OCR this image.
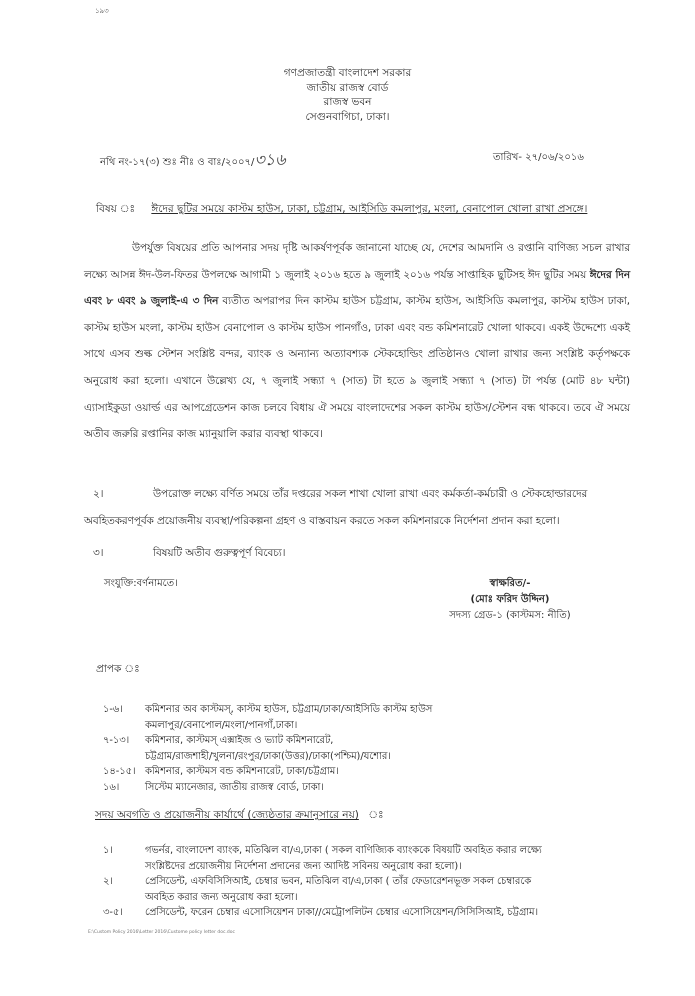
১৯৩
গণপ্রজাতন্ত্রী বাংলাদেশ সরকার
জাতীয় রাজস্ব বোর্ড
রাজস্ব ভবন
সেগুনবাগিচা, ঢাকা।
নথি নং-১৭(৩) শুঃ নীঃ ও বাঃ/২০০৭/৩১৬	তারিখ- ২৭/০৬/২০১৬
বিষয় ঃ ঈদের ছুটির সময়ে কাস্টম হাউস, ঢাকা, চট্টগ্রাম, আইসিডি কমলাপুর, মংলা, বেনাপোল খোলা রাখা প্রসঙ্গে।
উপর্যুক্ত বিষয়ের প্রতি আপনার সদয় দৃষ্টি আকর্ষণপূর্বক জানানো যাচ্ছে যে, দেশের আমদানি ও রপ্তানি বাণিজ্য সচল রাখার লক্ষ্যে আসন্ন ঈদ-উল-ফিতর উপলক্ষে আগামী ১ জুলাই ২০১৬ হতে ৯ জুলাই ২০১৬ পর্যন্ত সাপ্তাহিক ছুটিসহ ঈদ ছুটির সময় ঈদের দিন এবং ৮ এবং ৯ জুলাই-এ ৩ দিন ব্যতীত অপরাপর দিন কাস্টম হাউস চট্টগ্রাম, কাস্টম হাউস, আইসিডি কমলাপুর, কাস্টম হাউস ঢাকা, কাস্টম হাউস মংলা, কাস্টম হাউস বেনাপোল ও কাস্টম হাউস পানগাঁও, ঢাকা এবং বন্ড কমিশনারেট খোলা থাকবে। একই উদ্দেশ্যে একই সাথে এসব শুল্ক স্টেশন সংশ্লিষ্ট বন্দর, ব্যাংক ও অন্যান্য অত্যাবশ্যক স্টেকহোল্ডিং প্রতিষ্ঠানও খোলা রাখার জন্য সংশ্লিষ্ট কর্তৃপক্ষকে অনুরোধ করা হলো। এখানে উল্লেখ্য যে, ৭ জুলাই সন্ধ্যা ৭ (সাত) টা হতে ৯ জুলাই সন্ধ্যা ৭ (সাত) টা পর্যন্ত (মোট ৪৮ ঘন্টা) এ্যাসাইকুডা ওয়ার্ল্ড এর আপগ্রেডেশন কাজ চলবে বিধায় ঐ সময়ে বাংলাদেশের সকল কাস্টম হাউস/স্টেশন বন্ধ থাকবে। তবে ঐ সময়ে অতীব জরুরি রপ্তানির কাজ ম্যানুয়ালি করার ব্যবস্থা থাকবে।
২।	উপরোক্ত লক্ষ্যে বর্ণিত সময়ে তাঁর দপ্তরের সকল শাখা খোলা রাখা এবং কর্মকর্তা-কর্মচারী ও স্টেকহোল্ডারদের
অবহিতকরণপূর্বক প্রয়োজনীয় ব্যবস্থা/পরিকল্পনা গ্রহণ ও বাস্তবায়ন করতে সকল কমিশনারকে নির্দেশনা প্রদান করা হলো।
৩।	বিষয়টি অতীব গুরুত্বপূর্ণ বিবেচ্য।
সংযুক্তি:বর্ণনামতে।	স্বাক্ষরিত/-
(মোঃ ফরিদ উদ্দিন)
সদস্য গ্রেড-১ (কাস্টমস: নীতি)
প্রাপক ঃ
১-৬।	কমিশনার অব কাস্টমস্, কাস্টম হাউস, চট্টগ্রাম/ঢাকা/আইসিডি কাস্টম হাউস
কমলাপুর/বেনাপোল/মংলা/পানগাঁ,ঢাকা।
৭-১৩।	কমিশনার, কাস্টমস্ এক্সাইজ ও ভ্যাট কমিশনারেট,
চট্টগ্রাম/রাজশাহী/খুলনা/রংপুর/ঢাকা(উত্তর)/ঢাকা(পশ্চিম)/যশোর।
১৪-১৫। কমিশনার, কাস্টমস বন্ড কমিশনারেট, ঢাকা/চট্টগ্রাম।
১৬।	সিস্টেম ম্যানেজার, জাতীয় রাজস্ব বোর্ড, ঢাকা।
সদয় অবগতি ও প্রয়োজনীয় কার্যার্থে (জ্যেষ্ঠতার ক্রমানুসারে নয়) ঃ
১।	গভর্নর, বাংলাদেশ ব্যাংক, মতিঝিল বা/এ,ঢাকা ( সকল বাণিজ্যিক ব্যাংককে বিষয়টি অবহিত করার লক্ষ্যে
সংশ্লিষ্টদের প্রয়োজনীয় নির্দেশনা প্রদানের জন্য আদিষ্ট সবিনয় অনুরোধ করা হলো)।
২।	প্রেসিডেন্ট, এফবিসিসিআই, চেম্বার ভবন, মতিঝিল বা/এ,ঢাকা ( তাঁর ফেডারেশনভূক্ত সকল চেম্বারকে
অবহিত করার জন্য অনুরোধ করা হলো।
৩-৫।	প্রেসিডেন্ট, ফরেন চেম্বার এসোসিয়েশন ঢাকা//মেট্রোপলিটন চেম্বার এসোসিয়েশন/সিসিসিআই, চট্টগ্রাম।
E:\Custom Policy 2016\Letter 2016\Custome policy letter doc.doc
